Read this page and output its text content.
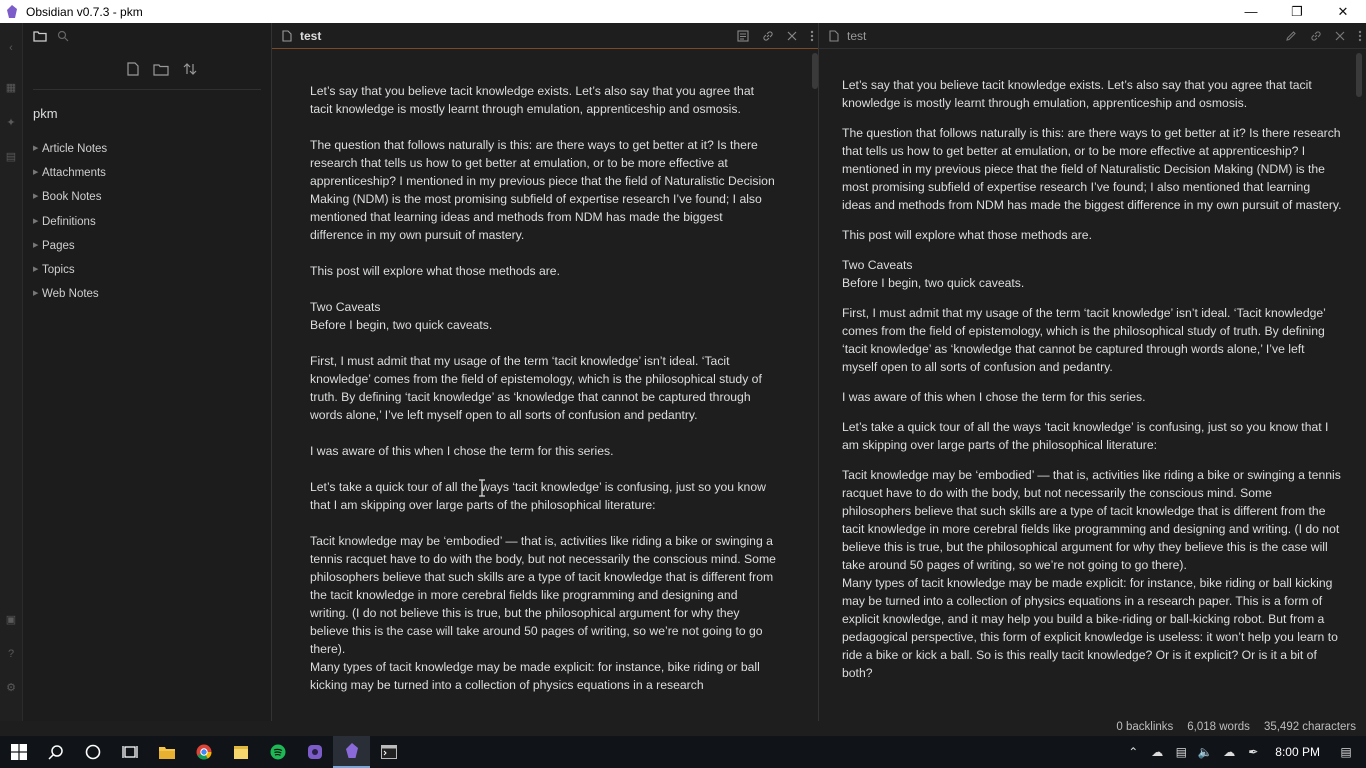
Obsidian v0.7.3 - pkm	—	❐	✕
‹
▦
✦
▤
▣
?
⚙
pkm
▶ Article Notes
▶ Attachments
▶ Book Notes
▶ Definitions
▶ Pages
▶ Topics
▶ Web Notes
test

Let’s say that you believe tacit knowledge exists. Let’s also say that you agree that tacit knowledge is mostly learnt through emulation, apprenticeship and osmosis.

The question that follows naturally is this: are there ways to get better at it? Is there research that tells us how to get better at emulation, or to be more effective at apprenticeship? I mentioned in my previous piece that the field of Naturalistic Decision Making (NDM) is the most promising subfield of expertise research I’ve found; I also mentioned that learning ideas and methods from NDM has made the biggest difference in my own pursuit of mastery.

This post will explore what those methods are.

Two Caveats

Before I begin, two quick caveats.

First, I must admit that my usage of the term ‘tacit knowledge’ isn’t ideal. ‘Tacit knowledge’ comes from the field of epistemology, which is the philosophical study of truth. By defining ‘tacit knowledge’ as ‘knowledge that cannot be captured through words alone,’ I’ve left myself open to all sorts of confusion and pedantry.

I was aware of this when I chose the term for this series.

Let’s take a quick tour of all the ways ‘tacit knowledge’ is confusing, just so you know that I am skipping over large parts of the philosophical literature:

Tacit knowledge may be ‘embodied’ — that is, activities like riding a bike or swinging a tennis racquet have to do with the body, but not necessarily the conscious mind. Some philosophers believe that such skills are a type of tacit knowledge that is different from the tacit knowledge in more cerebral fields like programming and designing and writing. (I do not believe this is true, but the philosophical argument for why they believe this is the case will take around 50 pages of writing, so we’re not going to go there).

Many types of tacit knowledge may be made explicit: for instance, bike riding or ball kicking may be turned into a collection of physics equations in a research

test

Let’s say that you believe tacit knowledge exists. Let’s also say that you agree that tacit knowledge is mostly learnt through emulation, apprenticeship and osmosis.

The question that follows naturally is this: are there ways to get better at it? Is there research that tells us how to get better at emulation, or to be more effective at apprenticeship? I mentioned in my previous piece that the field of Naturalistic Decision Making (NDM) is the most promising subfield of expertise research I’ve found; I also mentioned that learning ideas and methods from NDM has made the biggest difference in my own pursuit of mastery.

This post will explore what those methods are.

Two Caveats

Before I begin, two quick caveats.

First, I must admit that my usage of the term ‘tacit knowledge’ isn’t ideal. ‘Tacit knowledge’ comes from the field of epistemology, which is the philosophical study of truth. By defining ‘tacit knowledge’ as ‘knowledge that cannot be captured through words alone,’ I’ve left myself open to all sorts of confusion and pedantry.

I was aware of this when I chose the term for this series.

Let’s take a quick tour of all the ways ‘tacit knowledge’ is confusing, just so you know that I am skipping over large parts of the philosophical literature:

Tacit knowledge may be ‘embodied’ — that is, activities like riding a bike or swinging a tennis racquet have to do with the body, but not necessarily the conscious mind. Some philosophers believe that such skills are a type of tacit knowledge that is different from the tacit knowledge in more cerebral fields like programming and designing and writing. (I do not believe this is true, but the philosophical argument for why they believe this is the case will take around 50 pages of writing, so we’re not going to go there).

Many types of tacit knowledge may be made explicit: for instance, bike riding or ball kicking may be turned into a collection of physics equations in a research paper. This is a form of explicit knowledge, and it may help you build a bike-riding or ball-kicking robot. But from a pedagogical perspective, this form of explicit knowledge is useless: it won’t help you learn to ride a bike or kick a ball. So is this really tacit knowledge? Or is it explicit? Or is it a bit of both?

0 backlinks 6,018 words 35,492 characters
⌃	☁	▤ 🔈 ☁	✒	8:00 PM	▤
